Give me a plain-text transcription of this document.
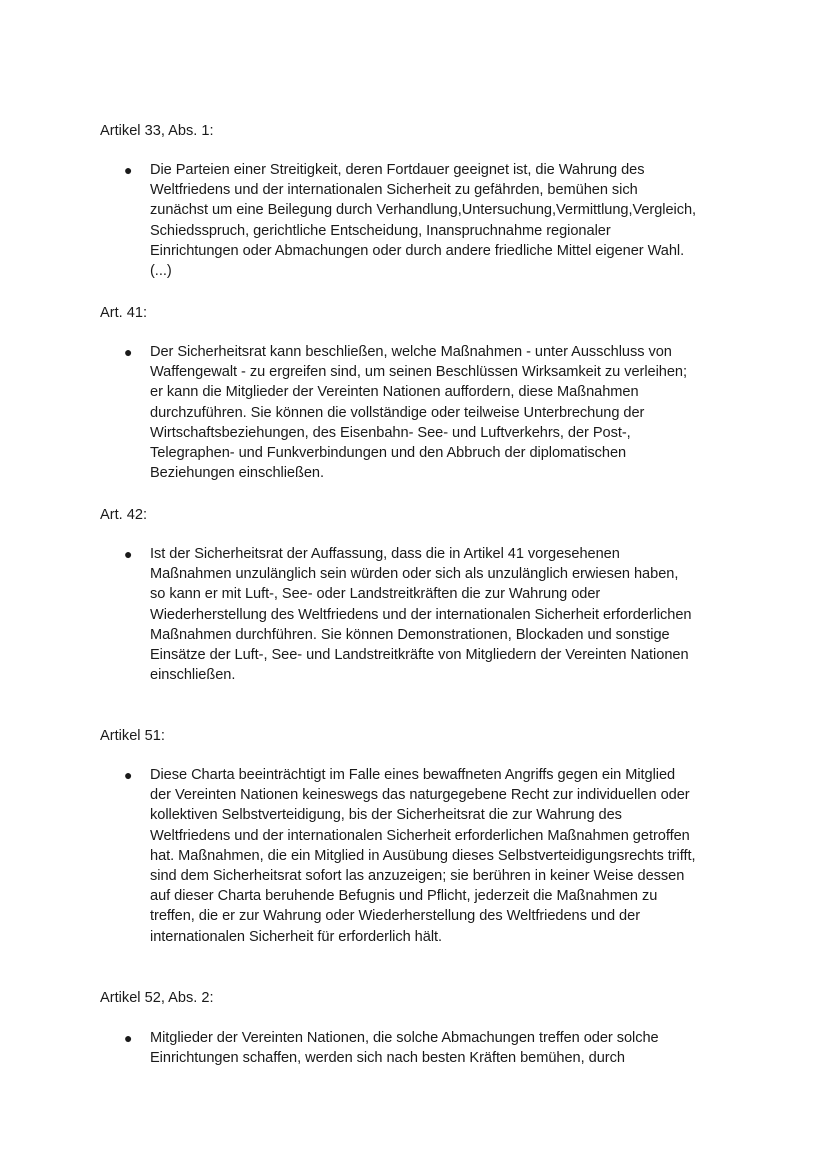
Artikel 33, Abs. 1:
●	Die Parteien einer Streitigkeit, deren Fortdauer geeignet ist, die Wahrung des
Weltfriedens und der internationalen Sicherheit zu gefährden, bemühen sich
zunächst um eine Beilegung durch Verhandlung,Untersuchung,Vermittlung,Vergleich,
Schiedsspruch, gerichtliche Entscheidung, Inanspruchnahme regionaler
Einrichtungen oder Abmachungen oder durch andere friedliche Mittel eigener Wahl.
(...)
Art. 41:
●	Der Sicherheitsrat kann beschließen, welche Maßnahmen - unter Ausschluss von
Waffengewalt - zu ergreifen sind, um seinen Beschlüssen Wirksamkeit zu verleihen;
er kann die Mitglieder der Vereinten Nationen auffordern, diese Maßnahmen
durchzuführen. Sie können die vollständige oder teilweise Unterbrechung der
Wirtschaftsbeziehungen, des Eisenbahn- See- und Luftverkehrs, der Post-,
Telegraphen- und Funkverbindungen und den Abbruch der diplomatischen
Beziehungen einschließen.
Art. 42:
●	Ist der Sicherheitsrat der Auffassung, dass die in Artikel 41 vorgesehenen
Maßnahmen unzulänglich sein würden oder sich als unzulänglich erwiesen haben,
so kann er mit Luft-, See- oder Landstreitkräften die zur Wahrung oder
Wiederherstellung des Weltfriedens und der internationalen Sicherheit erforderlichen
Maßnahmen durchführen. Sie können Demonstrationen, Blockaden und sonstige
Einsätze der Luft-, See- und Landstreitkräfte von Mitgliedern der Vereinten Nationen
einschließen.
Artikel 51:
●	Diese Charta beeinträchtigt im Falle eines bewaffneten Angriffs gegen ein Mitglied
der Vereinten Nationen keineswegs das naturgegebene Recht zur individuellen oder
kollektiven Selbstverteidigung, bis der Sicherheitsrat die zur Wahrung des
Weltfriedens und der internationalen Sicherheit erforderlichen Maßnahmen getroffen
hat. Maßnahmen, die ein Mitglied in Ausübung dieses Selbstverteidigungsrechts trifft,
sind dem Sicherheitsrat sofort las anzuzeigen; sie berühren in keiner Weise dessen
auf dieser Charta beruhende Befugnis und Pflicht, jederzeit die Maßnahmen zu
treffen, die er zur Wahrung oder Wiederherstellung des Weltfriedens und der
internationalen Sicherheit für erforderlich hält.
Artikel 52, Abs. 2:
●	Mitglieder der Vereinten Nationen, die solche Abmachungen treffen oder solche
Einrichtungen schaffen, werden sich nach besten Kräften bemühen, durch
